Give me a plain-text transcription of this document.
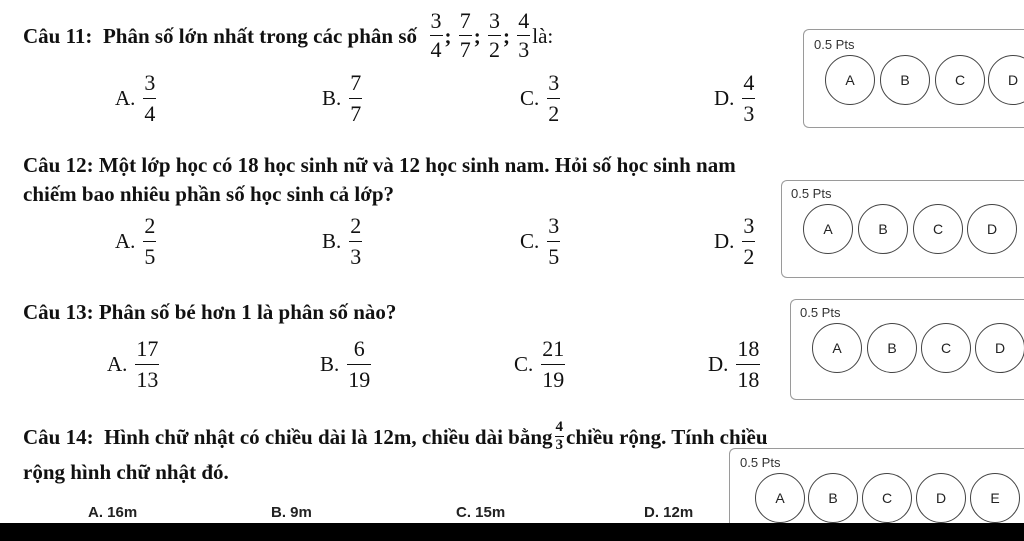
Câu 11:
Phân số lớn nhất trong các phân số
$\frac{3}{4}$ ;
$\frac{7}{7}$ ;
$\frac{3}{2}$ ;
$\frac{4}{3}$ là:
A. $\frac{3}{4}$	B. $\frac{7}{7}$	C. $\frac{3}{2}$	D. $\frac{4}{3}$
0.5 Pts
A	B	C	D
Câu 12: Một lớp học có 18 học sinh nữ và 12 học sinh nam. Hỏi số học sinh nam
chiếm bao nhiêu phần số học sinh cả lớp?
A. $\frac{2}{5}$	B. $\frac{2}{3}$	C. $\frac{3}{5}$	D. $\frac{3}{2}$
0.5 Pts
A	B	C	D
Câu 13: Phân số bé hơn 1 là phân số nào?
A. $\frac{17}{13}$	B. $\frac{6}{19}$	C. $\frac{21}{19}$	D. $\frac{18}{18}$
0.5 Pts
A	B	C	D
Câu 14:
Hình chữ nhật có chiều dài là 12m, chiều dài bằng $\frac{4}{3}$ chiều rộng. Tính chiều
rộng hình chữ nhật đó.
A. 16m	B. 9m	C. 15m	D. 12m
0.5 Pts
A	B	C	D	E
